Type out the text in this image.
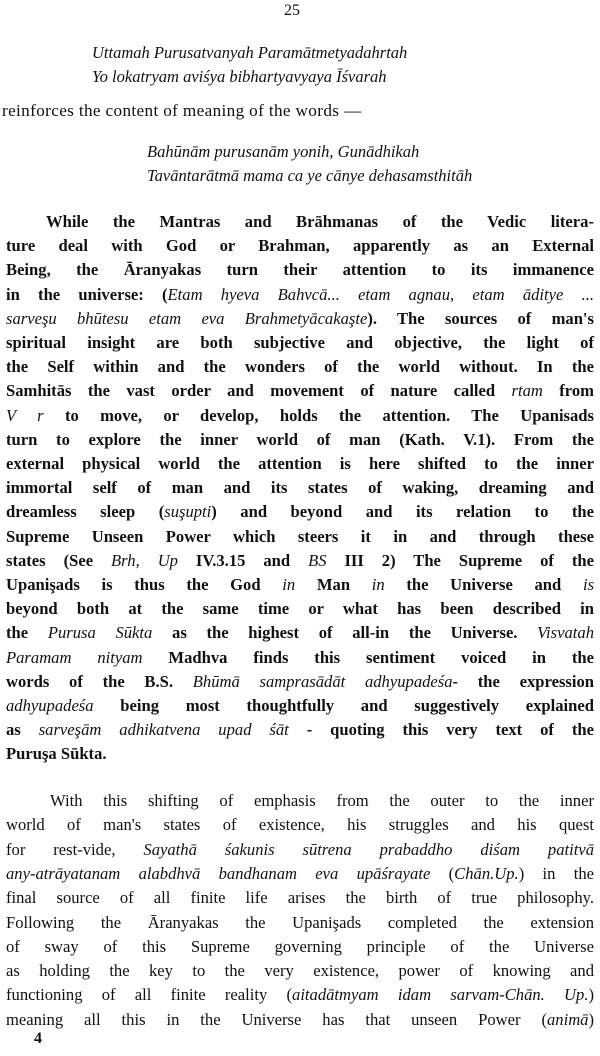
25
Uttamah Purusatvanyah Paramātmetyadahrtah
Yo lokatryam aviśya bibhartyavyaya Īśvarah
reinforces the content of meaning of the words —
Bahūnām purusanām yonih, Gunādhikah
Tavāntarātmā mama ca ye cānye dehasamsthitāh
While the Mantras and Brāhmanas of the Vedic litera-
ture deal with God or Brahman, apparently as an External
Being, the Āranyakas turn their attention to its immanence
in the universe: (Etam hyeva Bahvcā... etam agnau, etam ādityе ...
sarveşu bhūtesu etam eva Brahmetyācakaşte). The sources of man's
spiritual insight are both subjective and objective, the light of
the Self within and the wonders of the world without. In the
Samhitās the vast order and movement of nature called rtam from
V r to move, or develop, holds the attention. The Upanisads
turn to explore the inner world of man (Kath. V.1). From the
external physical world the attention is here shifted to the inner
immortal self of man and its states of waking, dreaming and
dreamless sleep (suşupti) and beyond and its relation to the
Supreme Unseen Power which steers it in and through these
states (See Brh, Up IV.3.15 and BS III 2) The Supreme of the
Upanişads is thus the God in Man in the Universe and is
beyond both at the same time or what has been described in
the Purusa Sūkta as the highest of all-in the Universe. Visvatah
Paramam nityam Madhva finds this sentiment voiced in the
words of the B.S. Bhūmā samprasādāt adhyupadeśa- the expression
adhyupadeśa being most thoughtfully and suggestively explained
as sarveşām adhikatvena upad śāt - quoting this very text of the
Puruşa Sūkta.
With this shifting of emphasis from the outer to the inner
world of man's states of existence, his struggles and his quest
for rest-vide, Sayathā śakunis sūtrena prabaddho diśam patitvā
any-atrāyatanam alabdhvā bandhanam eva upāśrayate (Chān.Up.) in the
final source of all finite life arises the birth of true philosophy.
Following the Āranyakas the Upanişads completed the extension
of sway of this Supreme governing principle of the Universe
as holding the key to the very existence, power of knowing and
functioning of all finite reality (aitadātmyam idam sarvam-Chān. Up.)
meaning all this in the Universe has that unseen Power (animā)
4
